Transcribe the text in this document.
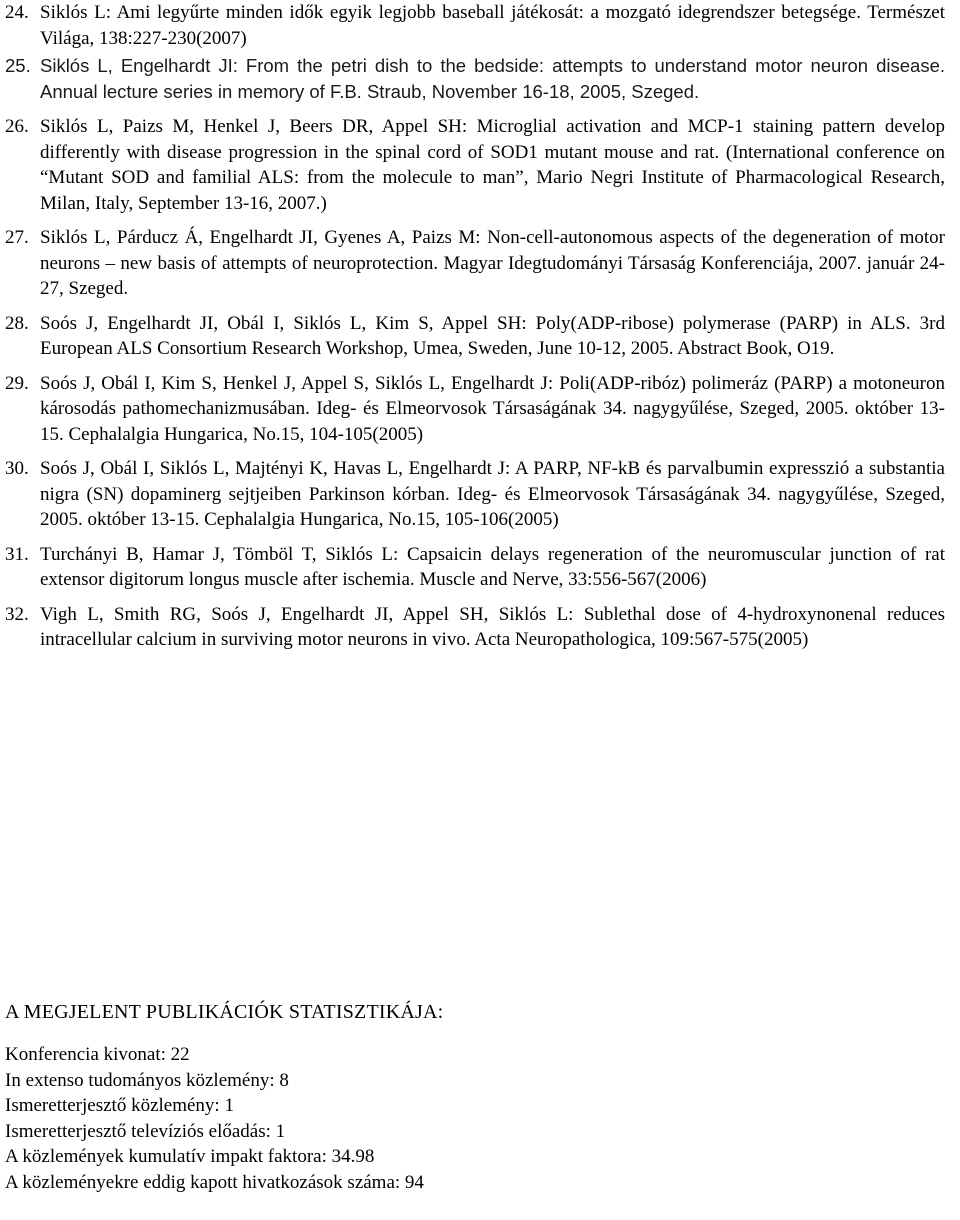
24. Siklós L: Ami legyűrte minden idők egyik legjobb baseball játékosát: a mozgató idegrendszer betegsége. Természet Világa, 138:227-230(2007)
25. Siklós L, Engelhardt JI: From the petri dish to the bedside: attempts to understand motor neuron disease. Annual lecture series in memory of F.B. Straub, November 16-18, 2005, Szeged.
26. Siklós L, Paizs M, Henkel J, Beers DR, Appel SH: Microglial activation and MCP-1 staining pattern develop differently with disease progression in the spinal cord of SOD1 mutant mouse and rat. (International conference on “Mutant SOD and familial ALS: from the molecule to man”, Mario Negri Institute of Pharmacological Research, Milan, Italy, September 13-16, 2007.)
27. Siklós L, Párducz Á, Engelhardt JI, Gyenes A, Paizs M: Non-cell-autonomous aspects of the degeneration of motor neurons – new basis of attempts of neuroprotection. Magyar Idegtudományi Társaság Konferenciája, 2007. január 24-27, Szeged.
28. Soós J, Engelhardt JI, Obál I, Siklós L, Kim S, Appel SH: Poly(ADP-ribose) polymerase (PARP) in ALS. 3rd European ALS Consortium Research Workshop, Umea, Sweden, June 10-12, 2005. Abstract Book, O19.
29. Soós J, Obál I, Kim S, Henkel J, Appel S, Siklós L, Engelhardt J: Poli(ADP-ribóz) polimeráz (PARP) a motoneuron károsodás pathomechanizmusában. Ideg- és Elmeorvosok Társaságának 34. nagygyűlése, Szeged, 2005. október 13-15. Cephalalgia Hungarica, No.15, 104-105(2005)
30. Soós J, Obál I, Siklós L, Majtényi K, Havas L, Engelhardt J: A PARP, NF-kB és parvalbumin expresszió a substantia nigra (SN) dopaminerg sejtjeiben Parkinson kórban. Ideg- és Elmeorvosok Társaságának 34. nagygyűlése, Szeged, 2005. október 13-15. Cephalalgia Hungarica, No.15, 105-106(2005)
31. Turchányi B, Hamar J, Tömböl T, Siklós L: Capsaicin delays regeneration of the neuromuscular junction of rat extensor digitorum longus muscle after ischemia. Muscle and Nerve, 33:556-567(2006)
32. Vigh L, Smith RG, Soós J, Engelhardt JI, Appel SH, Siklós L: Sublethal dose of 4-hydroxynonenal reduces intracellular calcium in surviving motor neurons in vivo. Acta Neuropathologica, 109:567-575(2005)
A MEGJELENT PUBLIKÁCIÓK STATISZTIKÁJA:
Konferencia kivonat: 22
In extenso tudományos közlemény: 8
Ismeretterjesztő közlemény: 1
Ismeretterjesztő televíziós előadás: 1
A közlemények kumulatív impakt faktora: 34.98
A közleményekre eddig kapott hivatkozások száma: 94
